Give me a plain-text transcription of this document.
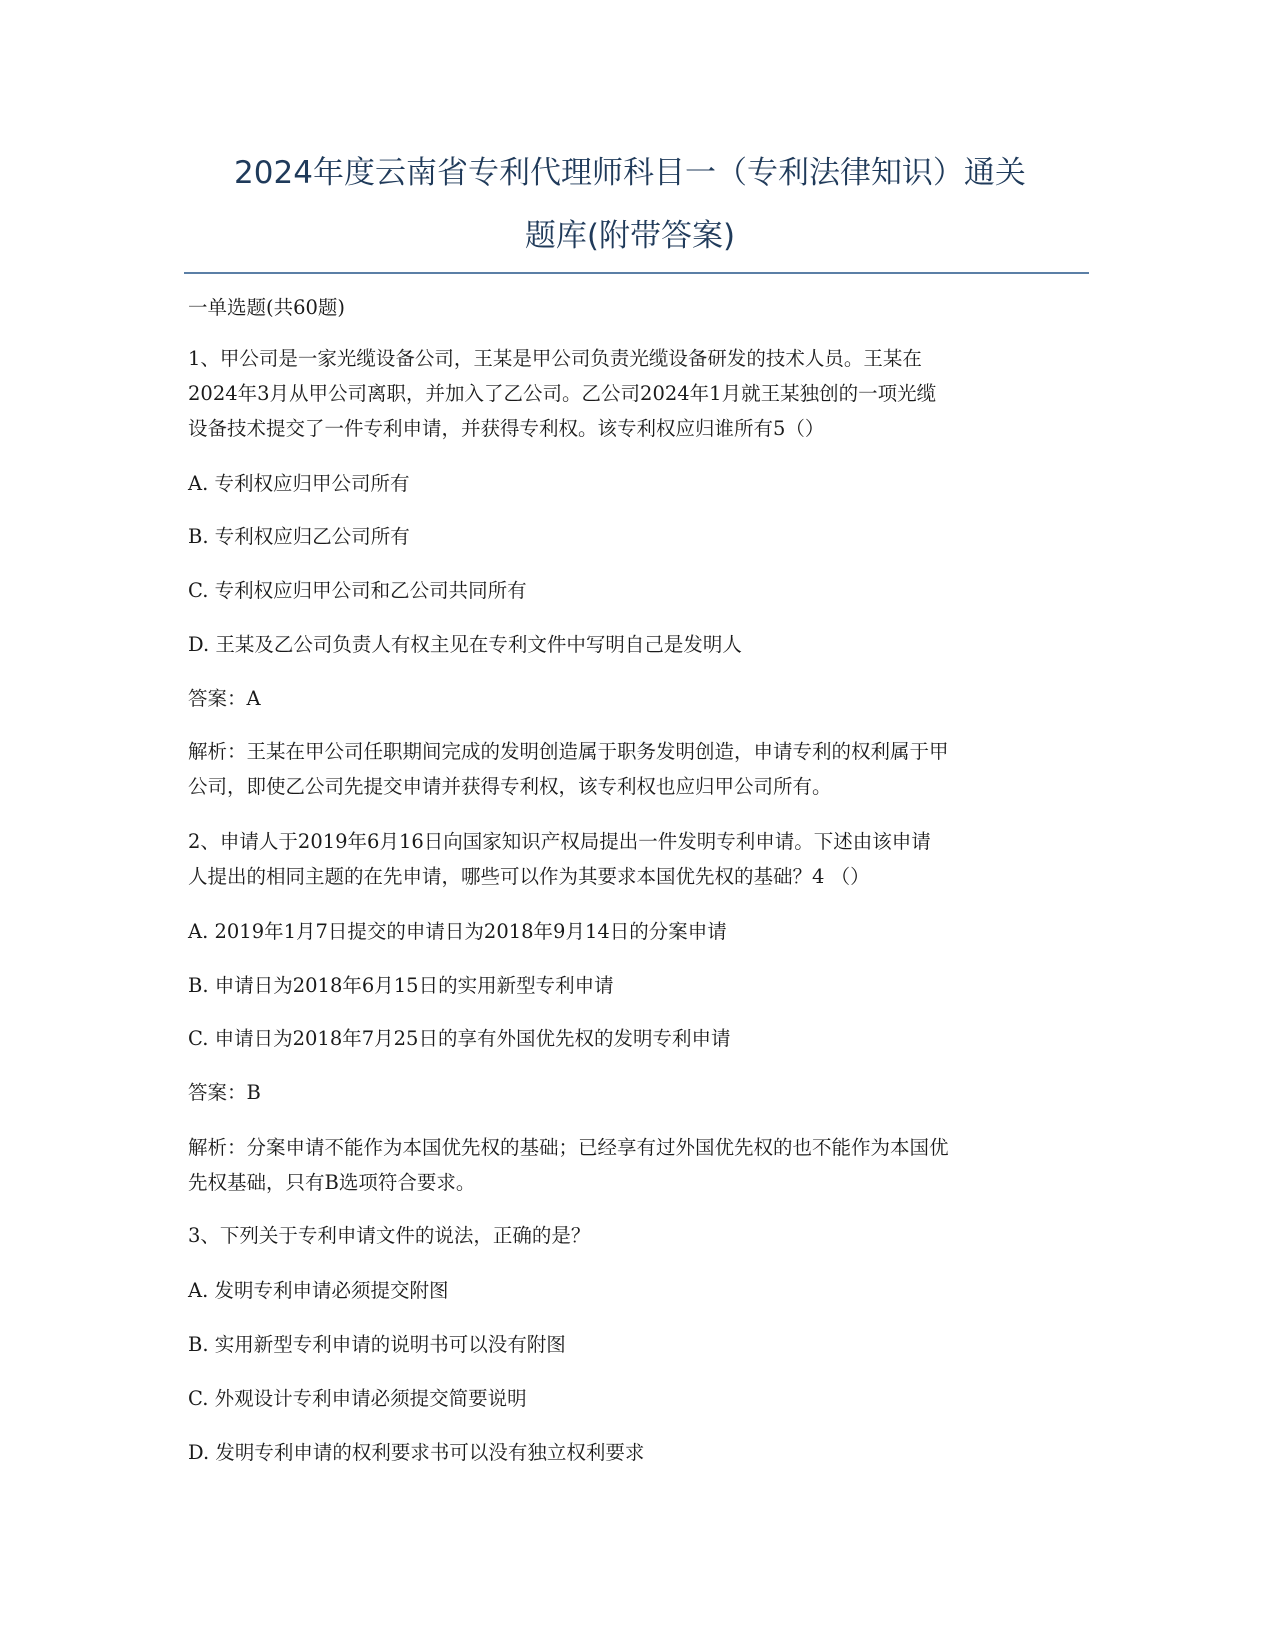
2024年度云南省专利代理师科目一（专利法律知识）通关
题库(附带答案)
一单选题(共60题)
1、甲公司是一家光缆设备公司，王某是甲公司负责光缆设备研发的技术人员。王某在
2024年3月从甲公司离职，并加入了乙公司。乙公司2024年1月就王某独创的一项光缆
设备技术提交了一件专利申请，并获得专利权。该专利权应归谁所有5（）
A. 专利权应归甲公司所有
B. 专利权应归乙公司所有
C. 专利权应归甲公司和乙公司共同所有
D. 王某及乙公司负责人有权主见在专利文件中写明自己是发明人
答案：A
解析：王某在甲公司任职期间完成的发明创造属于职务发明创造，申请专利的权利属于甲
公司，即使乙公司先提交申请并获得专利权，该专利权也应归甲公司所有。
2、申请人于2019年6月16日向国家知识产权局提出一件发明专利申请。下述由该申请
人提出的相同主题的在先申请，哪些可以作为其要求本国优先权的基础？4 （）
A. 2019年1月7日提交的申请日为2018年9月14日的分案申请
B. 申请日为2018年6月15日的实用新型专利申请
C. 申请日为2018年7月25日的享有外国优先权的发明专利申请
答案：B
解析：分案申请不能作为本国优先权的基础；已经享有过外国优先权的也不能作为本国优
先权基础，只有B选项符合要求。
3、下列关于专利申请文件的说法，正确的是？
A. 发明专利申请必须提交附图
B. 实用新型专利申请的说明书可以没有附图
C. 外观设计专利申请必须提交简要说明
D. 发明专利申请的权利要求书可以没有独立权利要求
